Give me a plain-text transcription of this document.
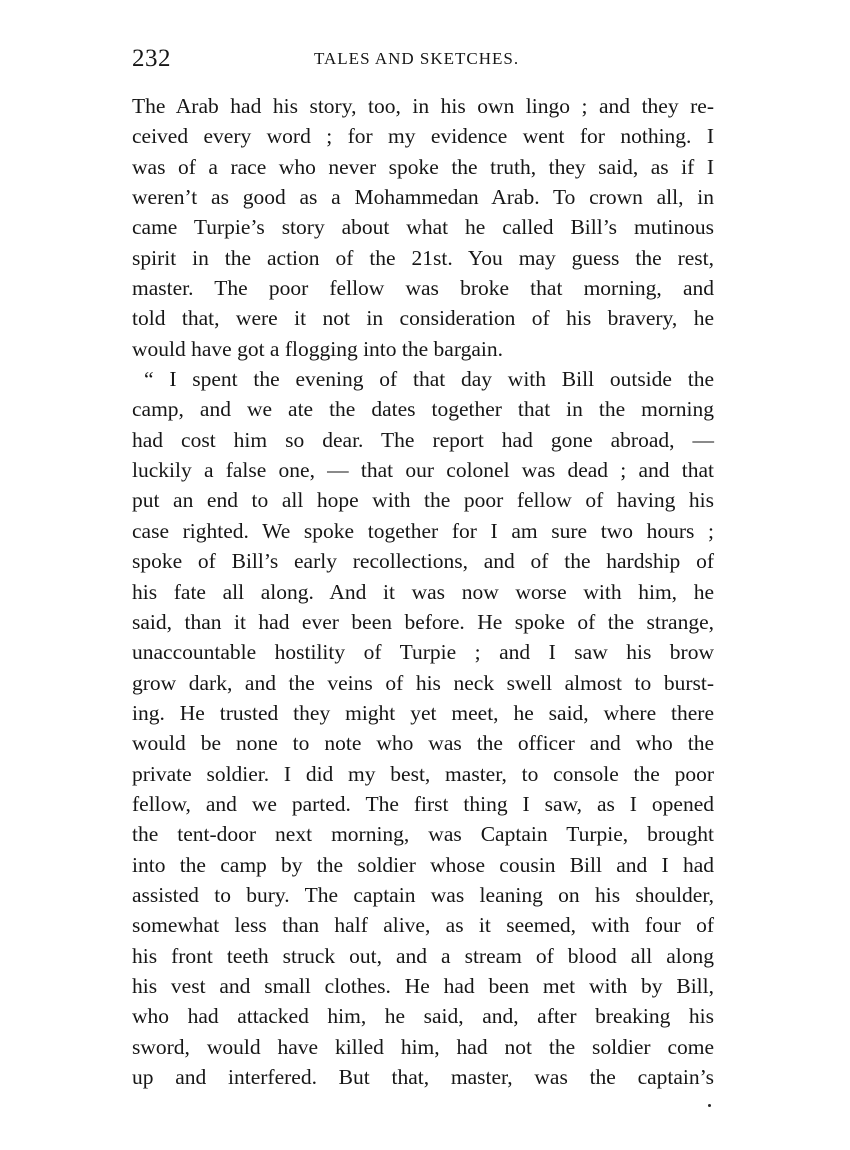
232	TALES AND SKETCHES.
The Arab had his story, too, in his own lingo ; and they re-
ceived every word ; for my evidence went for nothing. I
was of a race who never spoke the truth, they said, as if I
weren’t as good as a Mohammedan Arab. To crown all, in
came Turpie’s story about what he called Bill’s mutinous
spirit in the action of the 21st. You may guess the rest,
master. The poor fellow was broke that morning, and
told that, were it not in consideration of his bravery, he
would have got a flogging into the bargain.
“ I spent the evening of that day with Bill outside the
camp, and we ate the dates together that in the morning
had cost him so dear. The report had gone abroad, —
luckily a false one, — that our colonel was dead ; and that
put an end to all hope with the poor fellow of having his
case righted. We spoke together for I am sure two hours ;
spoke of Bill’s early recollections, and of the hardship of
his fate all along. And it was now worse with him, he
said, than it had ever been before. He spoke of the strange,
unaccountable hostility of Turpie ; and I saw his brow
grow dark, and the veins of his neck swell almost to burst-
ing. He trusted they might yet meet, he said, where there
would be none to note who was the officer and who the
private soldier. I did my best, master, to console the poor
fellow, and we parted. The first thing I saw, as I opened
the tent-door next morning, was Captain Turpie, brought
into the camp by the soldier whose cousin Bill and I had
assisted to bury. The captain was leaning on his shoulder,
somewhat less than half alive, as it seemed, with four of
his front teeth struck out, and a stream of blood all along
his vest and small clothes. He had been met with by Bill,
who had attacked him, he said, and, after breaking his
sword, would have killed him, had not the soldier come
up and interfered. But that, master, was the captain’s
